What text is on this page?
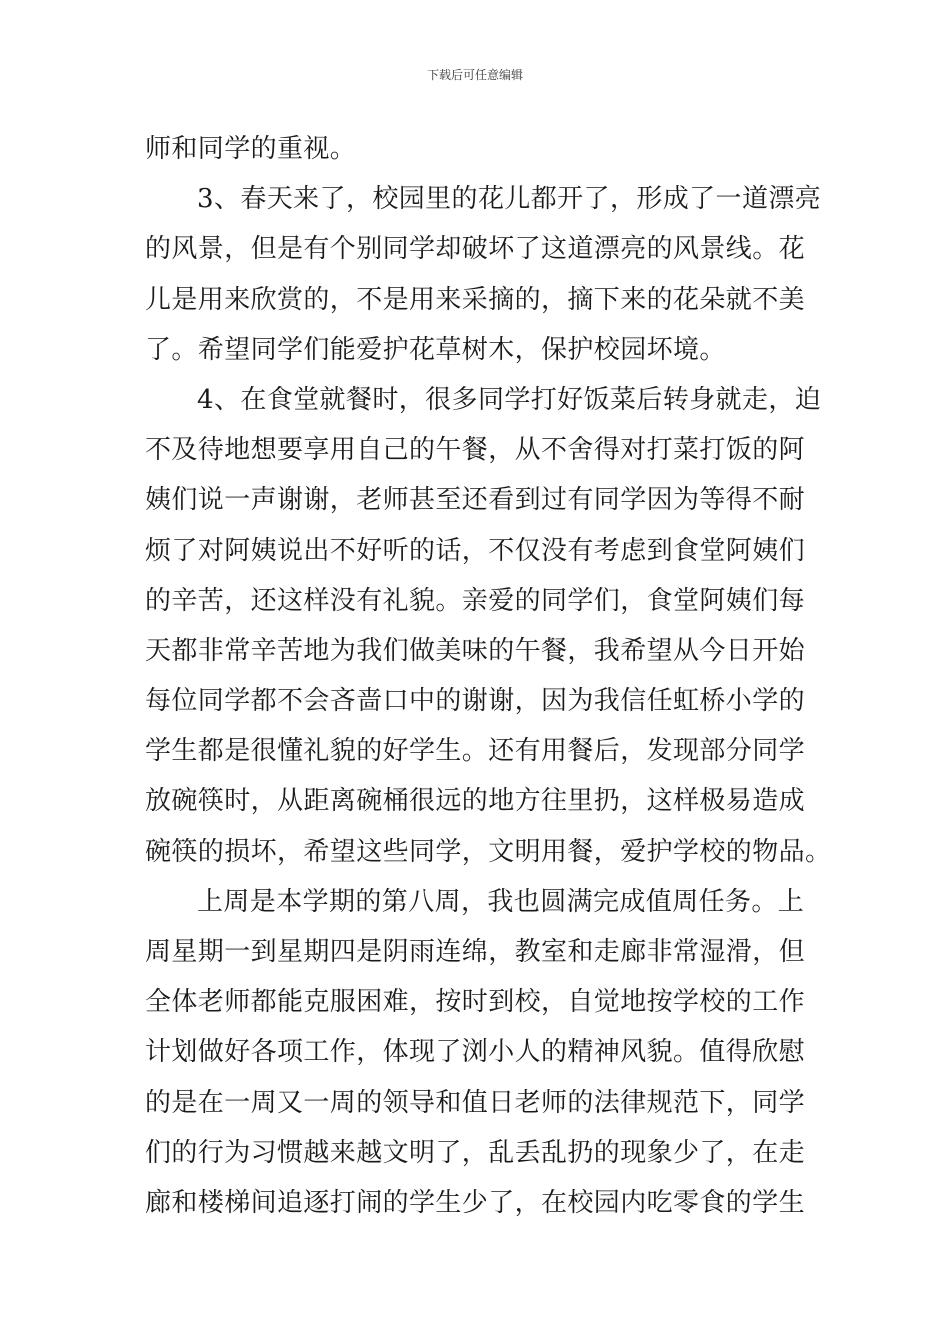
下载后可任意编辑
师和同学的重视。
3、春天来了，校园里的花儿都开了，形成了一道漂亮
的风景，但是有个别同学却破坏了这道漂亮的风景线。花
儿是用来欣赏的，不是用来采摘的，摘下来的花朵就不美
了。希望同学们能爱护花草树木，保护校园坏境。
4、在食堂就餐时，很多同学打好饭菜后转身就走，迫
不及待地想要享用自己的午餐，从不舍得对打菜打饭的阿
姨们说一声谢谢，老师甚至还看到过有同学因为等得不耐
烦了对阿姨说出不好听的话，不仅没有考虑到食堂阿姨们
的辛苦，还这样没有礼貌。亲爱的同学们，食堂阿姨们每
天都非常辛苦地为我们做美味的午餐，我希望从今日开始
每位同学都不会吝啬口中的谢谢，因为我信任虹桥小学的
学生都是很懂礼貌的好学生。还有用餐后，发现部分同学
放碗筷时，从距离碗桶很远的地方往里扔，这样极易造成
碗筷的损坏，希望这些同学，文明用餐，爱护学校的物品。
上周是本学期的第八周，我也圆满完成值周任务。上
周星期一到星期四是阴雨连绵，教室和走廊非常湿滑，但
全体老师都能克服困难，按时到校，自觉地按学校的工作
计划做好各项工作，体现了浏小人的精神风貌。值得欣慰
的是在一周又一周的领导和值日老师的法律规范下，同学
们的行为习惯越来越文明了，乱丢乱扔的现象少了，在走
廊和楼梯间追逐打闹的学生少了，在校园内吃零食的学生
